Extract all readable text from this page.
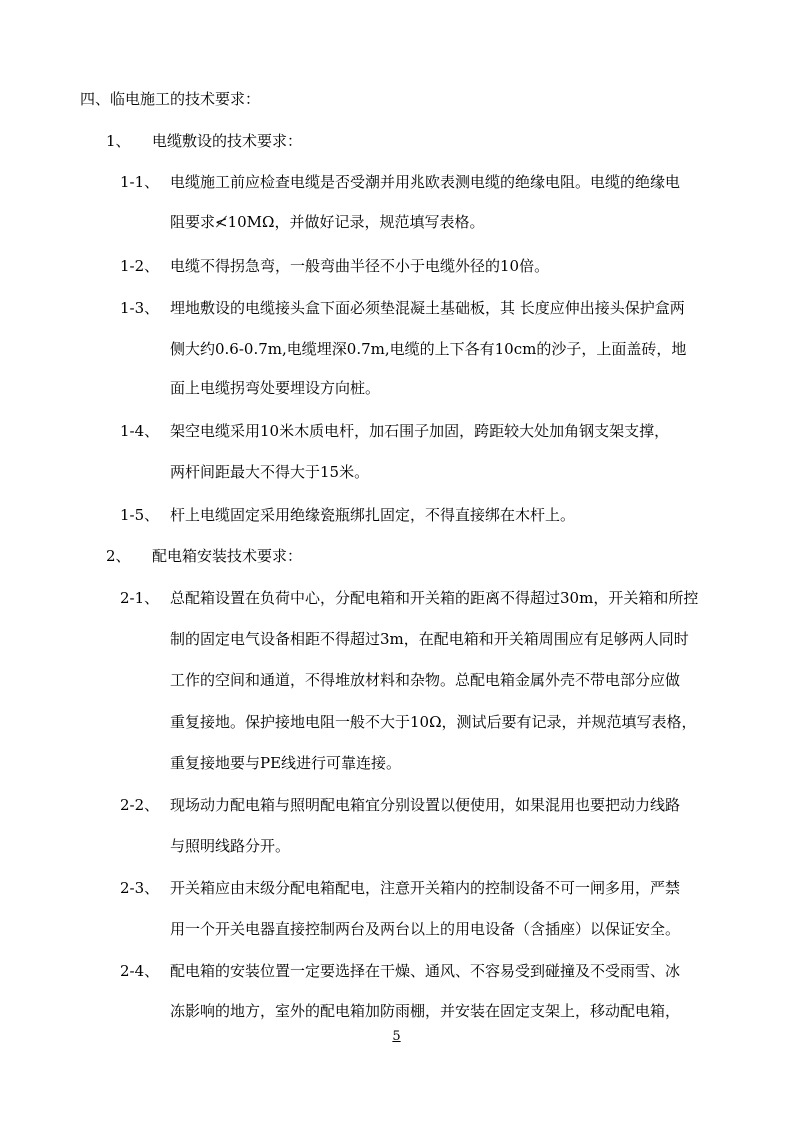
四、临电施工的技术要求：
1、 电缆敷设的技术要求：
1-1、 电缆施工前应检查电缆是否受潮并用兆欧表测电缆的绝缘电阻。电缆的绝缘电
阻要求≮10MΩ，并做好记录，规范填写表格。
1-2、 电缆不得拐急弯，一般弯曲半径不小于电缆外径的10倍。
1-3、 埋地敷设的电缆接头盒下面必须垫混凝土基础板，其 长度应伸出接头保护盒两
侧大约0.6-0.7m,电缆埋深0.7m,电缆的上下各有10cm的沙子，上面盖砖，地
面上电缆拐弯处要埋设方向桩。
1-4、 架空电缆采用10米木质电杆，加石围子加固，跨距较大处加角钢支架支撑，
两杆间距最大不得大于15米。
1-5、 杆上电缆固定采用绝缘瓷瓶绑扎固定，不得直接绑在木杆上。
2、 配电箱安装技术要求：
2-1、 总配箱设置在负荷中心，分配电箱和开关箱的距离不得超过30m，开关箱和所控
制的固定电气设备相距不得超过3m，在配电箱和开关箱周围应有足够两人同时
工作的空间和通道，不得堆放材料和杂物。总配电箱金属外壳不带电部分应做
重复接地。保护接地电阻一般不大于10Ω，测试后要有记录，并规范填写表格，
重复接地要与PE线进行可靠连接。
2-2、 现场动力配电箱与照明配电箱宜分别设置以便使用，如果混用也要把动力线路
与照明线路分开。
2-3、 开关箱应由末级分配电箱配电，注意开关箱内的控制设备不可一闸多用，严禁
用一个开关电器直接控制两台及两台以上的用电设备（含插座）以保证安全。
2-4、 配电箱的安装位置一定要选择在干燥、通风、不容易受到碰撞及不受雨雪、冰
冻影响的地方，室外的配电箱加防雨棚，并安装在固定支架上，移动配电箱，
5
